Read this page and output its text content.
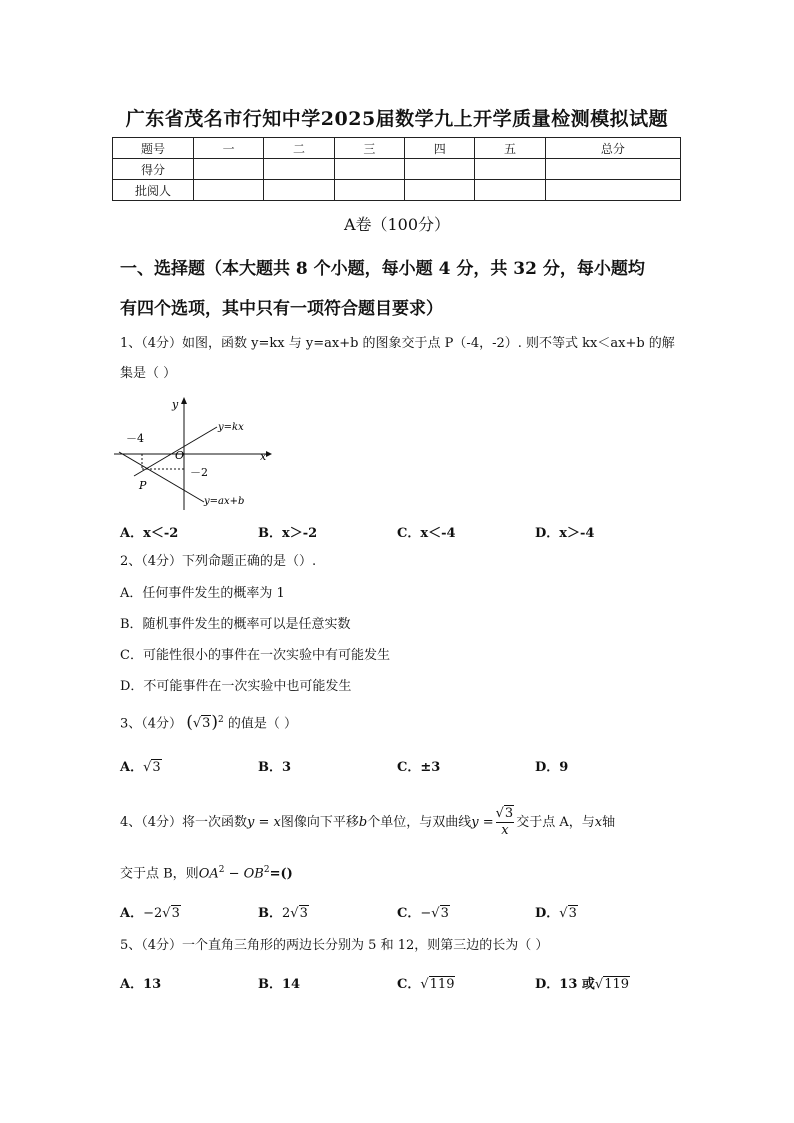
广东省茂名市行知中学2025届数学九上开学质量检测模拟试题
题号	一	二	三	四	五	总分
得分						
批阅人						
A卷（100分）
一、选择题（本大题共 8 个小题，每小题 4 分，共 32 分，每小题均
有四个选项，其中只有一项符合题目要求）
1、（4分）如图，函数 y=kx 与 y=ax+b 的图象交于点 P（-4，-2）. 则不等式 kx＜ax+b 的解
集是（ ）
y
x
O
－4
－2
P
y=kx
y=ax+b
A．x＜-2	B．x＞-2	C．x＜-4	D．x＞-4
2、（4分）下列命题正确的是（）.
A．任何事件发生的概率为 1
B．随机事件发生的概率可以是任意实数
C．可能性很小的事件在一次实验中有可能发生
D．不可能事件在一次实验中也可能发生
3、（4分） $(√3)^2$ 的值是（ ）
A．√3	B．3	C．±3	D．9
4、（4分）将一次函数y = x图像向下平移b个单位，与双曲线$y = \frac{√3}{x}$ 交于点 A，与x轴
交于点 B，则$OA^2 - OB^2=()$
A．−2√3	B．2√3	C．−√3	D．√3
5、（4分）一个直角三角形的两边长分别为 5 和 12，则第三边的长为（ ）
A．13	B．14	C．√119	D．13 或√119
